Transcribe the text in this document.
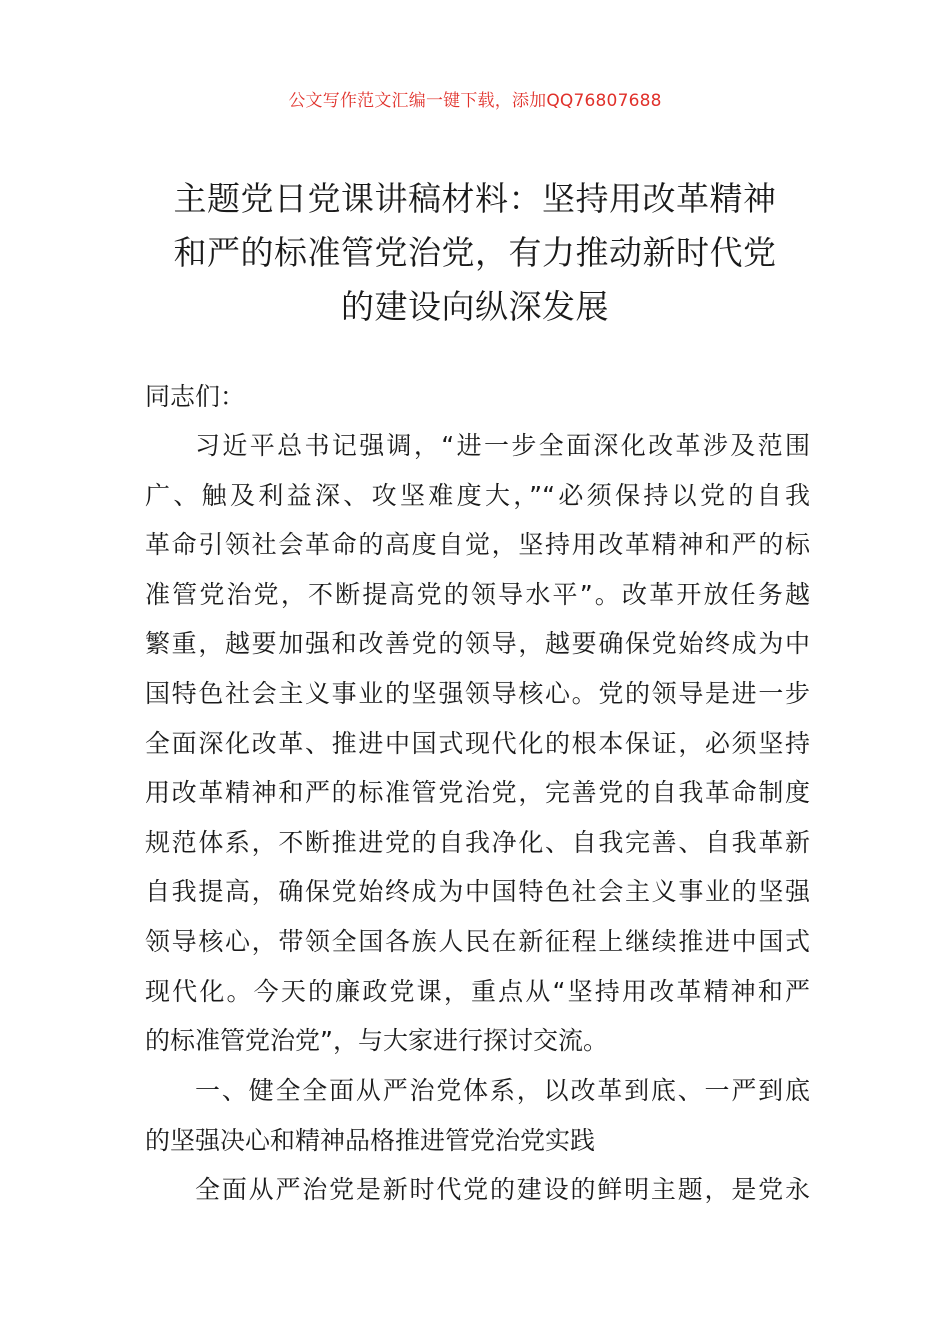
公文写作范文汇编一键下载，添加QQ76807688
主题党日党课讲稿材料：坚持用改革精神
和严的标准管党治党，有力推动新时代党
的建设向纵深发展
同志们：
习近平总书记强调，“进一步全面深化改革涉及范围
广、触及利益深、攻坚难度大，”“必须保持以党的自我
革命引领社会革命的高度自觉，坚持用改革精神和严的标
准管党治党，不断提高党的领导水平”。改革开放任务越
繁重，越要加强和改善党的领导，越要确保党始终成为中
国特色社会主义事业的坚强领导核心。党的领导是进一步
全面深化改革、推进中国式现代化的根本保证，必须坚持
用改革精神和严的标准管党治党，完善党的自我革命制度
规范体系，不断推进党的自我净化、自我完善、自我革新
自我提高，确保党始终成为中国特色社会主义事业的坚强
领导核心，带领全国各族人民在新征程上继续推进中国式
现代化。今天的廉政党课，重点从“坚持用改革精神和严
的标准管党治党”，与大家进行探讨交流。
一、健全全面从严治党体系，以改革到底、一严到底
的坚强决心和精神品格推进管党治党实践
全面从严治党是新时代党的建设的鲜明主题，是党永
